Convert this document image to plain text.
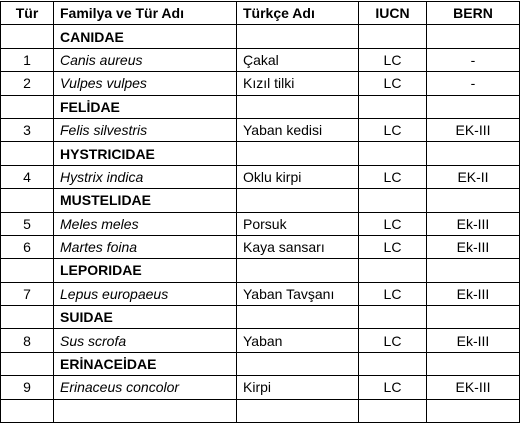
Tür	Familya ve Tür Adı	Türkçe Adı	IUCN	BERN
	CANIDAE			
1	Canis aureus	Çakal	LC	-
2	Vulpes vulpes	Kızıl tilki	LC	-
	FELİDAE			
3	Felis silvestris	Yaban kedisi	LC	EK-III
	HYSTRICIDAE			
4	Hystrix indica	Oklu kirpi	LC	EK-II
	MUSTELIDAE			
5	Meles meles	Porsuk	LC	Ek-III
6	Martes foina	Kaya sansarı	LC	Ek-III
	LEPORIDAE			
7	Lepus europaeus	Yaban Tavşanı	LC	Ek-III
	SUIDAE			
8	Sus scrofa	Yaban	LC	Ek-III
	ERİNACEİDAE			
9	Erinaceus concolor	Kirpi	LC	EK-III
